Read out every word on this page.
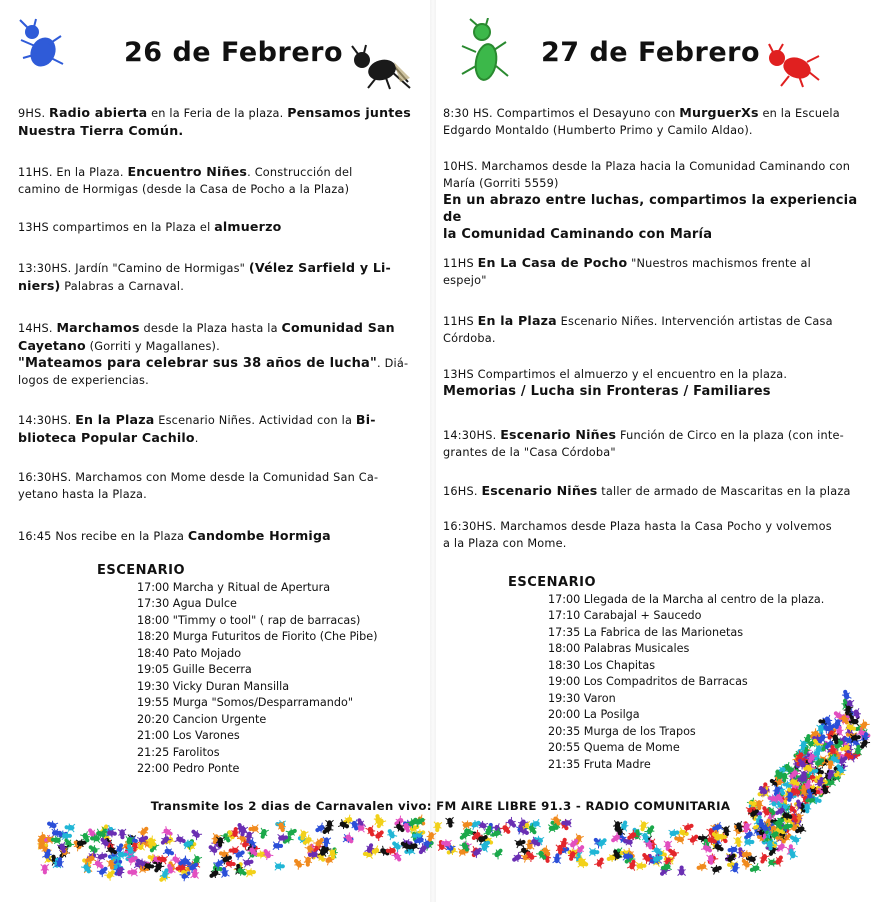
26 de Febrero
9HS. Radio abierta en la Feria de la plaza. Pensamos juntes
Nuestra Tierra Común.
11HS. En la Plaza. Encuentro Niñes. Construcción del
camino de Hormigas (desde la Casa de Pocho a la Plaza)
13HS compartimos en la Plaza el almuerzo
13:30HS. Jardín "Camino de Hormigas" (Vélez Sarfield y Li-
niers) Palabras a Carnaval.
14HS. Marchamos desde la Plaza hasta la Comunidad San
Cayetano (Gorriti y Magallanes).
"Mateamos para celebrar sus 38 años de lucha". Diá-
logos de experiencias.
14:30HS. En la Plaza Escenario Niñes. Actividad con la Bi-
blioteca Popular Cachilo.
16:30HS. Marchamos con Mome desde la Comunidad San Ca-
yetano hasta la Plaza.
16:45 Nos recibe en la Plaza Candombe Hormiga
ESCENARIO
17:00 Marcha y Ritual de Apertura
17:30 Agua Dulce
18:00 "Timmy o tool" ( rap de barracas)
18:20 Murga Futuritos de Fiorito (Che Pibe)
18:40 Pato Mojado
19:05 Guille Becerra
19:30 Vicky Duran Mansilla
19:55 Murga "Somos/Desparramando"
20:20 Cancion Urgente
21:00 Los Varones
21:25 Farolitos
22:00 Pedro Ponte
27 de Febrero
8:30 HS. Compartimos el Desayuno con MurguerXs en la Escuela
Edgardo Montaldo (Humberto Primo y Camilo Aldao).
10HS. Marchamos desde la Plaza hacia la Comunidad Caminando con
María (Gorriti 5559)
En un abrazo entre luchas, compartimos la experiencia de
la Comunidad Caminando con María
11HS En La Casa de Pocho "Nuestros machismos frente al
espejo"
11HS En la Plaza Escenario Niñes. Intervención artistas de Casa
Córdoba.
13HS Compartimos el almuerzo y el encuentro en la plaza.
Memorias / Lucha sin Fronteras / Familiares
14:30HS. Escenario Niñes Función de Circo en la plaza (con inte-
grantes de la "Casa Córdoba"
16HS. Escenario Niñes taller de armado de Mascaritas en la plaza
16:30HS. Marchamos desde Plaza hasta la Casa Pocho y volvemos
a la Plaza con Mome.
ESCENARIO
17:00 Llegada de la Marcha al centro de la plaza.
17:10 Carabajal + Saucedo
17:35 La Fabrica de las Marionetas
18:00 Palabras Musicales
18:30 Los Chapitas
19:00 Los Compadritos de Barracas
19:30 Varon
20:00 La Posilga
20:35 Murga de los Trapos
20:55 Quema de Mome
21:35 Fruta Madre
Transmite los 2 dias de Carnavalen vivo: FM AIRE LIBRE 91.3 - RADIO COMUNITARIA
